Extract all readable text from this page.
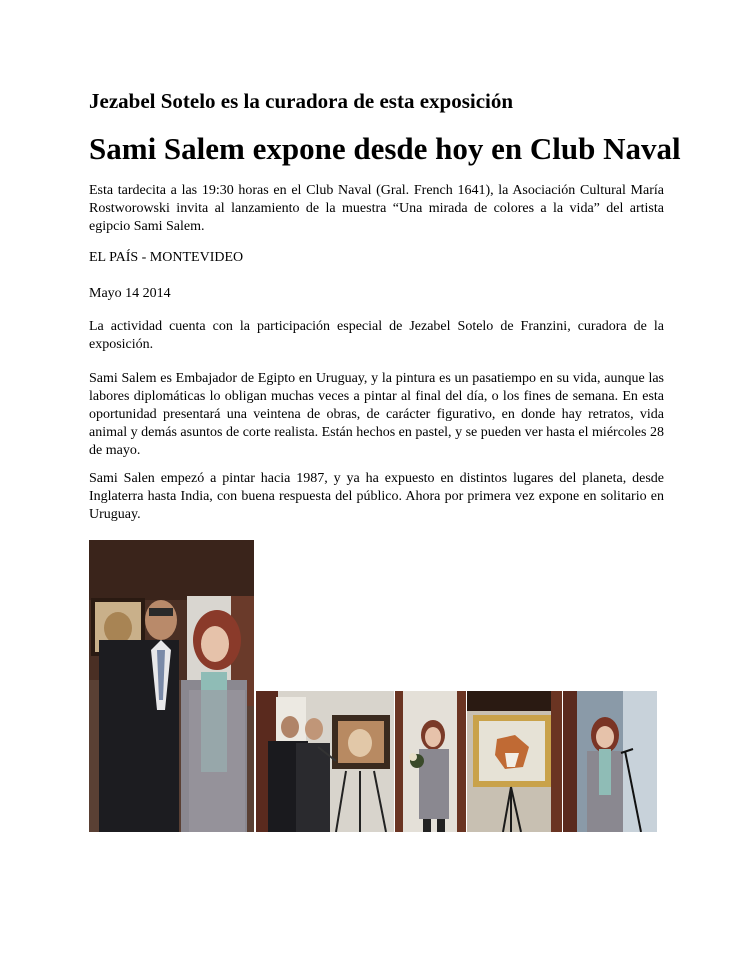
Jezabel Sotelo es la curadora de esta exposición
Sami Salem expone desde hoy en Club Naval

Esta tardecita a las 19:30 horas en el Club Naval (Gral. French 1641), la Asociación Cultural María Rostworowski invita al lanzamiento de la muestra “Una mirada de colores a la vida” del artista egipcio Sami Salem.

EL PAÍS - MONTEVIDEO

Mayo 14 2014

La actividad cuenta con la participación especial de Jezabel Sotelo de Franzini, curadora de la exposición.

Sami Salem es Embajador de Egipto en Uruguay, y la pintura es un pasatiempo en su vida, aunque las labores diplomáticas lo obligan muchas veces a pintar al final del día, o los fines de semana. En esta oportunidad presentará una veintena de obras, de carácter figurativo, en donde hay retratos, vida animal y demás asuntos de corte realista. Están hechos en pastel, y se pueden ver hasta el miércoles 28 de mayo.

Sami Salen empezó a pintar hacia 1987, y ya ha expuesto en distintos lugares del planeta, desde Inglaterra hasta India, con buena respuesta del público. Ahora por primera vez expone en solitario en Uruguay.
